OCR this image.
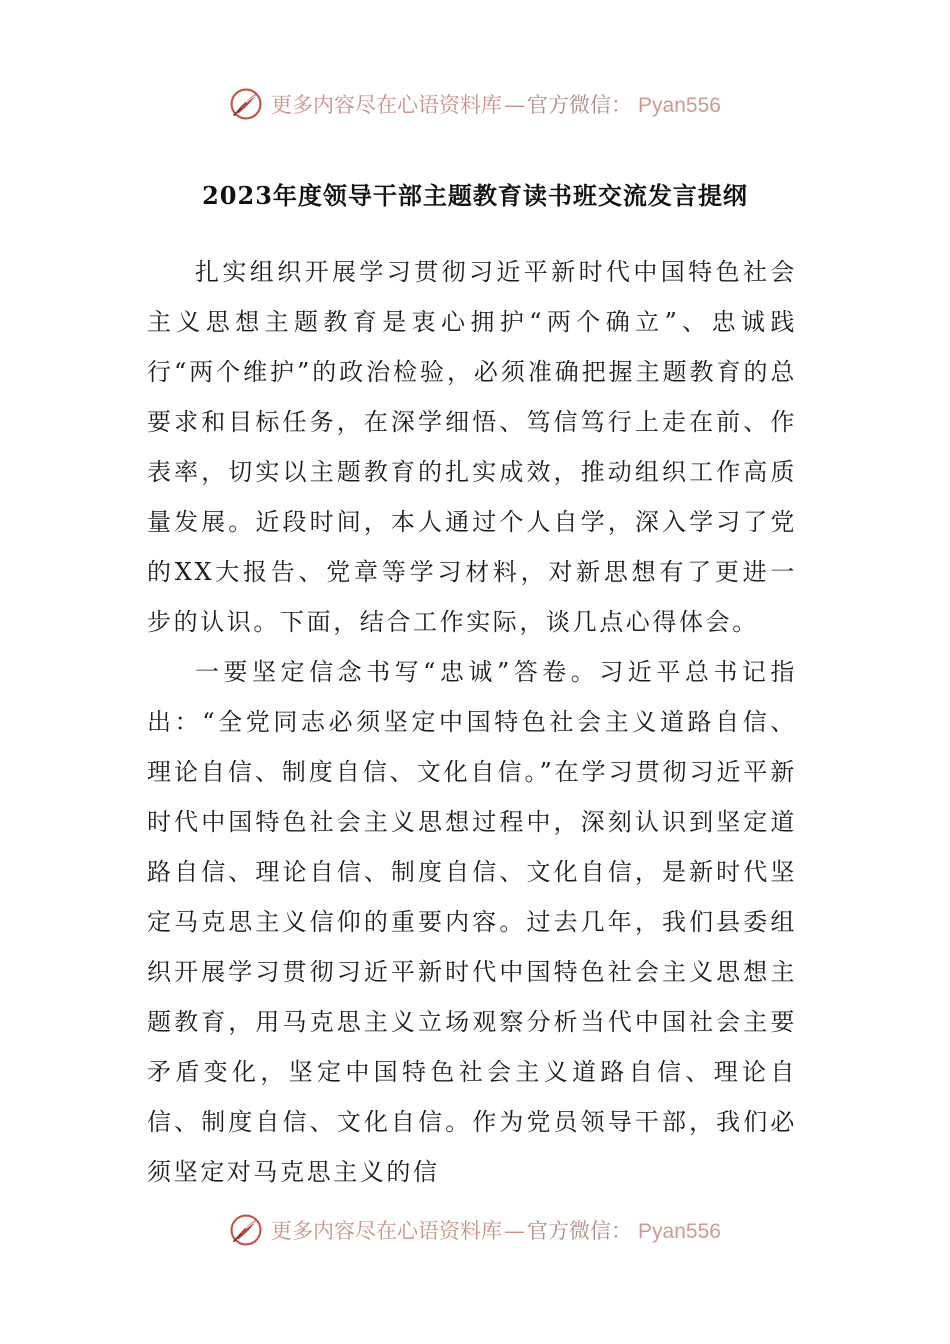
更多内容尽在心语资料库—官方微信： Pyan556
2023年度领导干部主题教育读书班交流发言提纲

扎实组织开展学习贯彻习近平新时代中国特色社会主义思想主题教育是衷心拥护“两个确立”、忠诚践行“两个维护”的政治检验，必须准确把握主题教育的总要求和目标任务，在深学细悟、笃信笃行上走在前、作表率，切实以主题教育的扎实成效，推动组织工作高质量发展。近段时间，本人通过个人自学，深入学习了党的XX大报告、党章等学习材料，对新思想有了更进一步的认识。下面，结合工作实际，谈几点心得体会。

一要坚定信念书写“忠诚”答卷。习近平总书记指出：“全党同志必须坚定中国特色社会主义道路自信、理论自信、制度自信、文化自信。”在学习贯彻习近平新时代中国特色社会主义思想过程中，深刻认识到坚定道路自信、理论自信、制度自信、文化自信，是新时代坚定马克思主义信仰的重要内容。过去几年，我们县委组织开展学习贯彻习近平新时代中国特色社会主义思想主题教育，用马克思主义立场观察分析当代中国社会主要矛盾变化，坚定中国特色社会主义道路自信、理论自信、制度自信、文化自信。作为党员领导干部，我们必须坚定对马克思主义的信

更多内容尽在心语资料库—官方微信： Pyan556
